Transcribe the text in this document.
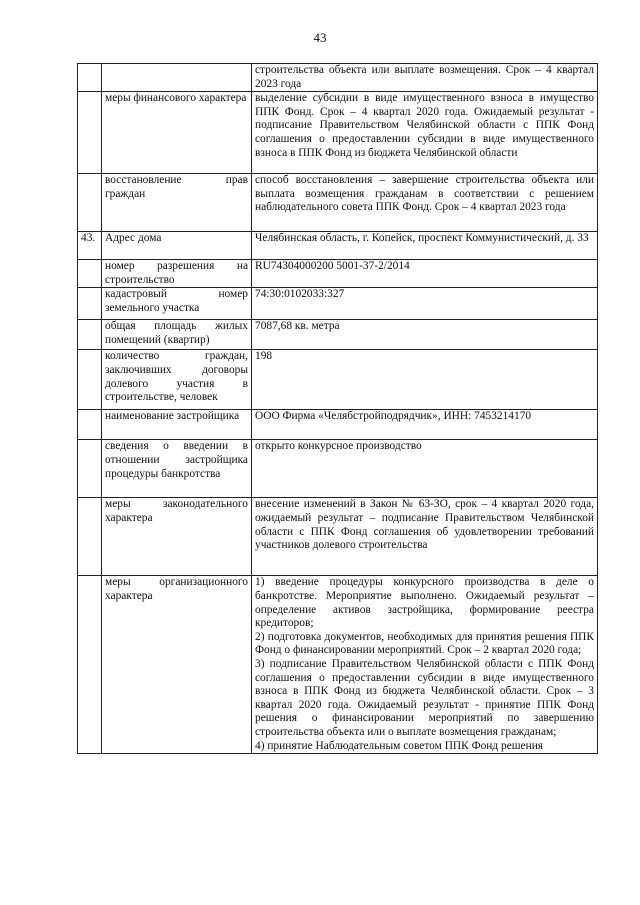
43
		строительства объекта или выплате возмещения. Срок – 4 квартал 2023 года
	меры финансового характера	выделение субсидии в виде имущественного взноса в имущество ППК Фонд. Срок – 4 квартал 2020 года. Ожидаемый результат - подписание Правительством Челябинской области с ППК Фонд соглашения о предоставлении субсидии в виде имущественного взноса в ППК Фонд из бюджета Челябинской области
	восстановление прав граждан	способ восстановления – завершение строительства объекта или выплата возмещения гражданам в соответствии с решением наблюдательного совета ППК Фонд. Срок – 4 квартал 2023 года
43.	Адрес дома	Челябинская область, г. Копейск, проспект Коммунистический, д. 33
	номер разрешения на строительство	RU74304000200 5001-37-2/2014
	кадастровый номер земельного участка	74:30:0102033:327
	общая площадь жилых помещений (квартир)	7087,68 кв. метра
	количество граждан, заключивших договоры долевого участия в строительстве, человек	198
	наименование застройщика	ООО Фирма «Челябстройподрядчик», ИНН: 7453214170
	сведения о введении в отношении застройщика процедуры банкротства	открыто конкурсное производство
	меры законодательного характера	внесение изменений в Закон № 63-ЗО, срок – 4 квартал 2020 года, ожидаемый результат – подписание Правительством Челябинской области с ППК Фонд соглашения об удовлетворении требований участников долевого строительства
	меры организационного характера	1) введение процедуры конкурсного производства в деле о банкротстве. Мероприятие выполнено. Ожидаемый результат – определение активов застройщика, формирование реестра кредиторов;
2) подготовка документов, необходимых для принятия решения ППК Фонд о финансировании мероприятий. Срок – 2 квартал 2020 года;
3) подписание Правительством Челябинской области с ППК Фонд соглашения о предоставлении субсидии в виде имущественного взноса в ППК Фонд из бюджета Челябинской области. Срок – 3 квартал 2020 года. Ожидаемый результат - принятие ППК Фонд решения о финансировании мероприятий по завершению строительства объекта или о выплате возмещения гражданам;
4) принятие Наблюдательным советом ППК Фонд решения
